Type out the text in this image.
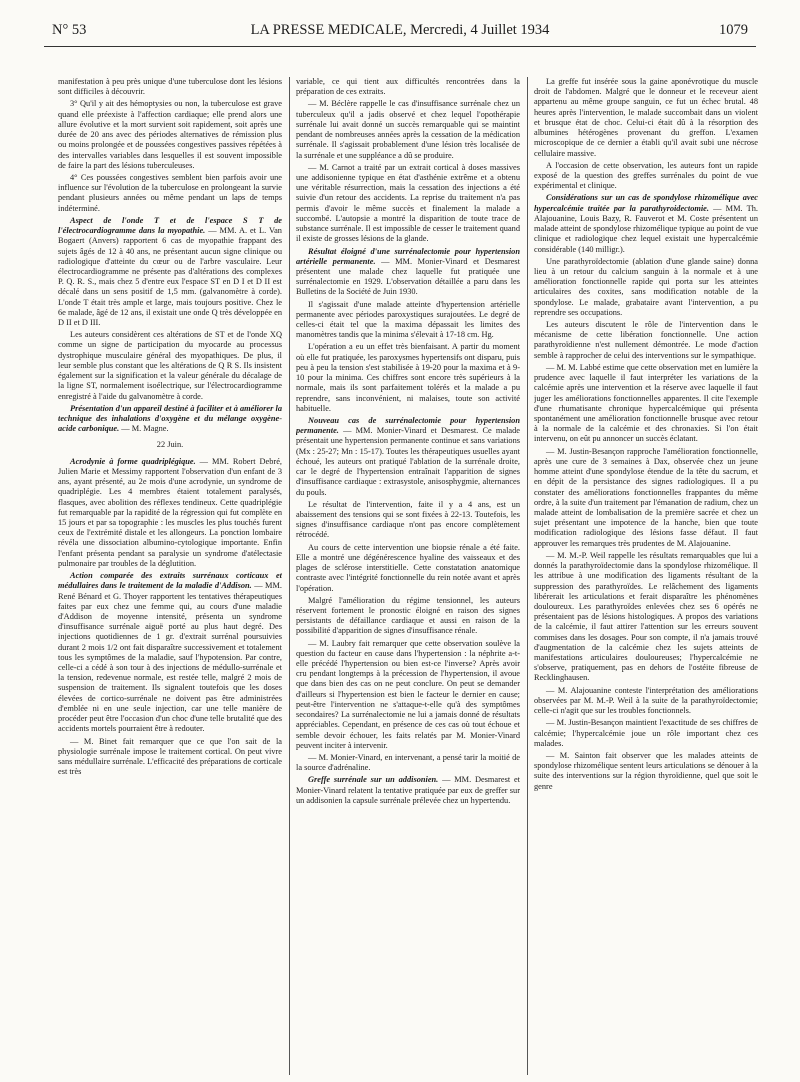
N° 53	LA PRESSE MEDICALE, Mercredi, 4 Juillet 1934	1079

manifestation à peu près unique d'une tuberculose dont les lésions sont difficiles à découvrir.

3° Qu'il y ait des hémoptysies ou non, la tuberculose est grave quand elle préexiste à l'affection cardiaque; elle prend alors une allure évolutive et la mort survient soit rapidement, soit après une durée de 20 ans avec des périodes alternatives de rémission plus ou moins prolongée et de poussées congestives passives répétées à des intervalles variables dans lesquelles il est souvent impossible de faire la part des lésions tuberculeuses.

4° Ces poussées congestives semblent bien parfois avoir une influence sur l'évolution de la tuberculose en prolongeant la survie pendant plusieurs années ou même pendant un laps de temps indéterminé.

Aspect de l'onde T et de l'espace S T de l'électrocardiogramme dans la myopathie. — MM. A. et L. Van Bogaert (Anvers) rapportent 6 cas de myopathie frappant des sujets âgés de 12 à 40 ans, ne présentant aucun signe clinique ou radiologique d'atteinte du cœur ou de l'arbre vasculaire. Leur électrocardiogramme ne présente pas d'altérations des complexes P. Q. R. S., mais chez 5 d'entre eux l'espace ST en D I et D II est décalé dans un sens positif de 1,5 mm. (galvanomètre à corde). L'onde T était très ample et large, mais toujours positive. Chez le 6e malade, âgé de 12 ans, il existait une onde Q très développée en D II et D III.

Les auteurs considèrent ces altérations de ST et de l'onde XQ comme un signe de participation du myocarde au processus dystrophique musculaire général des myopathiques. De plus, il leur semble plus constant que les altérations de Q R S. Ils insistent également sur la signification et la valeur générale du décalage de la ligne ST, normalement isoélectrique, sur l'électrocardiogramme enregistré à l'aide du galvanomètre à corde.

Présentation d'un appareil destiné à faciliter et à améliorer la technique des inhalations d'oxygène et du mélange oxygène-acide carbonique. — M. Magne.

22 Juin.

Acrodynie à forme quadriplégique. — MM. Robert Debré, Julien Marie et Messimy rapportent l'observation d'un enfant de 3 ans, ayant présenté, au 2e mois d'une acrodynie, un syndrome de quadriplégie. Les 4 membres étaient totalement paralysés, flasques, avec abolition des réflexes tendineux. Cette quadriplégie fut remarquable par la rapidité de la régression qui fut complète en 15 jours et par sa topographie : les muscles les plus touchés furent ceux de l'extrémité distale et les allongeurs. La ponction lombaire révéla une dissociation albumino-cytologique importante. Enfin l'enfant présenta pendant sa paralysie un syndrome d'atélectasie pulmonaire par troubles de la déglutition.

Action comparée des extraits surrénaux corticaux et médullaires dans le traitement de la maladie d'Addison. — MM. René Bénard et G. Thoyer rapportent les tentatives thérapeutiques faites par eux chez une femme qui, au cours d'une maladie d'Addison de moyenne intensité, présenta un syndrome d'insuffisance surrénale aiguë porté au plus haut degré. Des injections quotidiennes de 1 gr. d'extrait surrénal poursuivies durant 2 mois 1/2 ont fait disparaître successivement et totalement tous les symptômes de la maladie, sauf l'hypotension. Par contre, celle-ci a cédé à son tour à des injections de médullo-surrénale et la tension, redevenue normale, est restée telle, malgré 2 mois de suspension de traitement. Ils signalent toutefois que les doses élevées de cortico-surrénale ne doivent pas être administrées d'emblée ni en une seule injection, car une telle manière de procéder peut être l'occasion d'un choc d'une telle brutalité que des accidents mortels pourraient être à redouter.

— M. Binet fait remarquer que ce que l'on sait de la physiologie surrénale impose le traitement cortical. On peut vivre sans médullaire surrénale. L'efficacité des préparations de corticale est très

variable, ce qui tient aux difficultés rencontrées dans la préparation de ces extraits.

— M. Béclère rappelle le cas d'insuffisance surrénale chez un tuberculeux qu'il a jadis observé et chez lequel l'opothérapie surrénale lui avait donné un succès remarquable qui se maintint pendant de nombreuses années après la cessation de la médication surrénale. Il s'agissait probablement d'une lésion très localisée de la surrénale et une suppléance a dû se produire.

— M. Carnot a traité par un extrait cortical à doses massives une addisonienne typique en état d'asthénie extrême et a obtenu une véritable résurrection, mais la cessation des injections a été suivie d'un retour des accidents. La reprise du traitement n'a pas permis d'avoir le même succès et finalement la malade a succombé. L'autopsie a montré la disparition de toute trace de substance surrénale. Il est impossible de cesser le traitement quand il existe de grosses lésions de la glande.

Résultat éloigné d'une surrénalectomie pour hypertension artérielle permanente. — MM. Monier-Vinard et Desmarest présentent une malade chez laquelle fut pratiquée une surrénalectomie en 1929. L'observation détaillée a paru dans les Bulletins de la Société de Juin 1930.

Il s'agissait d'une malade atteinte d'hypertension artérielle permanente avec périodes paroxystiques surajoutées. Le degré de celles-ci était tel que la maxima dépassait les limites des manomètres tandis que la minima s'élevait à 17-18 cm. Hg.

L'opération a eu un effet très bienfaisant. A partir du moment où elle fut pratiquée, les paroxysmes hypertensifs ont disparu, puis peu à peu la tension s'est stabilisée à 19-20 pour la maxima et à 9-10 pour la minima. Ces chiffres sont encore très supérieurs à la normale, mais ils sont parfaitement tolérés et la malade a pu reprendre, sans inconvénient, ni malaises, toute son activité habituelle.

Nouveau cas de surrénalectomie pour hypertension permanente. — MM. Monier-Vinard et Desmarest. Ce malade présentait une hypertension permanente continue et sans variations (Mx : 25-27; Mn : 15-17). Toutes les thérapeutiques usuelles ayant échoué, les auteurs ont pratiqué l'ablation de la surrénale droite, car le degré de l'hypertension entraînait l'apparition de signes d'insuffisance cardiaque : extrasystole, anisosphygmie, alternances du pouls.

Le résultat de l'intervention, faite il y a 4 ans, est un abaissement des tensions qui se sont fixées à 22-13. Toutefois, les signes d'insuffisance cardiaque n'ont pas encore complètement rétrocédé.

Au cours de cette intervention une biopsie rénale a été faite. Elle a montré une dégénérescence hyaline des vaisseaux et des plages de sclérose interstitielle. Cette constatation anatomique contraste avec l'intégrité fonctionnelle du rein notée avant et après l'opération.

Malgré l'amélioration du régime tensionnel, les auteurs réservent fortement le pronostic éloigné en raison des signes persistants de défaillance cardiaque et aussi en raison de la possibilité d'apparition de signes d'insuffisance rénale.

— M. Laubry fait remarquer que cette observation soulève la question du facteur en cause dans l'hypertension : la néphrite a-t-elle précédé l'hypertension ou bien est-ce l'inverse? Après avoir cru pendant longtemps à la précession de l'hypertension, il avoue que dans bien des cas on ne peut conclure. On peut se demander d'ailleurs si l'hypertension est bien le facteur le dernier en cause; peut-être l'intervention ne s'attaque-t-elle qu'à des symptômes secondaires? La surrénalectomie ne lui a jamais donné de résultats appréciables. Cependant, en présence de ces cas où tout échoue et semble devoir échouer, les faits relatés par M. Monier-Vinard peuvent inciter à intervenir.

— M. Monier-Vinard, en intervenant, a pensé tarir la moitié de la source d'adrénaline.

Greffe surrénale sur un addisonien. — MM. Desmarest et Monier-Vinard relatent la tentative pratiquée par eux de greffer sur un addisonien la capsule surrénale prélevée chez un hypertendu.

La greffe fut insérée sous la gaine aponévrotique du muscle droit de l'abdomen. Malgré que le donneur et le receveur aient appartenu au même groupe sanguin, ce fut un échec brutal. 48 heures après l'intervention, le malade succombait dans un violent et brusque état de choc. Celui-ci était dû à la résorption des albumines hétérogènes provenant du greffon. L'examen microscopique de ce dernier a établi qu'il avait subi une nécrose cellulaire massive.

A l'occasion de cette observation, les auteurs font un rapide exposé de la question des greffes surrénales du point de vue expérimental et clinique.

Considérations sur un cas de spondylose rhizomélique avec hypercalcémie traitée par la parathyroidectomie. — MM. Th. Alajouanine, Louis Bazy, R. Fauverot et M. Coste présentent un malade atteint de spondylose rhizomélique typique au point de vue clinique et radiologique chez lequel existait une hypercalcémie considérable (140 milligr.).

Une parathyroïdectomie (ablation d'une glande saine) donna lieu à un retour du calcium sanguin à la normale et à une amélioration fonctionnelle rapide qui porta sur les atteintes articulaires des coxites, sans modification notable de la spondylose. Le malade, grabataire avant l'intervention, a pu reprendre ses occupations.

Les auteurs discutent le rôle de l'intervention dans le mécanisme de cette libération fonctionnelle. Une action parathyroïdienne n'est nullement démontrée. Le mode d'action semble à rapprocher de celui des interventions sur le sympathique.

— M. M. Labbé estime que cette observation met en lumière la prudence avec laquelle il faut interpréter les variations de la calcémie après une intervention et la réserve avec laquelle il faut juger les améliorations fonctionnelles apparentes. Il cite l'exemple d'une rhumatisante chronique hypercalcémique qui présenta spontanément une amélioration fonctionnelle brusque avec retour à la normale de la calcémie et des chronaxies. Si l'on était intervenu, on eût pu annoncer un succès éclatant.

— M. Justin-Besançon rapproche l'amélioration fonctionnelle, après une cure de 3 semaines à Dax, observée chez un jeune homme atteint d'une spondylose étendue de la tête du sacrum, et en dépit de la persistance des signes radiologiques. Il a pu constater des améliorations fonctionnelles frappantes du même ordre, à la suite d'un traitement par l'émanation de radium, chez un malade atteint de lombalisation de la première sacrée et chez un sujet présentant une impotence de la hanche, bien que toute modification radiologique des lésions fasse défaut. Il faut approuver les remarques très prudentes de M. Alajouanine.

— M. M.-P. Weil rappelle les résultats remarquables que lui a donnés la parathyroïdectomie dans la spondylose rhizomélique. Il les attribue à une modification des ligaments résultant de la suppression des parathyroïdes. Le relâchement des ligaments libérerait les articulations et ferait disparaître les phénomènes douloureux. Les parathyroïdes enlevées chez ses 6 opérés ne présentaient pas de lésions histologiques. A propos des variations de la calcémie, il faut attirer l'attention sur les erreurs souvent commises dans les dosages. Pour son compte, il n'a jamais trouvé d'augmentation de la calcémie chez les sujets atteints de manifestations articulaires douloureuses; l'hypercalcémie ne s'observe, pratiquement, pas en dehors de l'ostéite fibreuse de Recklinghausen.

— M. Alajouanine conteste l'interprétation des améliorations observées par M. M.-P. Weil à la suite de la parathyroïdectomie; celle-ci n'agit que sur les troubles fonctionnels.

— M. Justin-Besançon maintient l'exactitude de ses chiffres de calcémie; l'hypercalcémie joue un rôle important chez ces malades.

— M. Sainton fait observer que les malades atteints de spondylose rhizomélique sentent leurs articulations se dénouer à la suite des interventions sur la région thyroïdienne, quel que soit le genre
